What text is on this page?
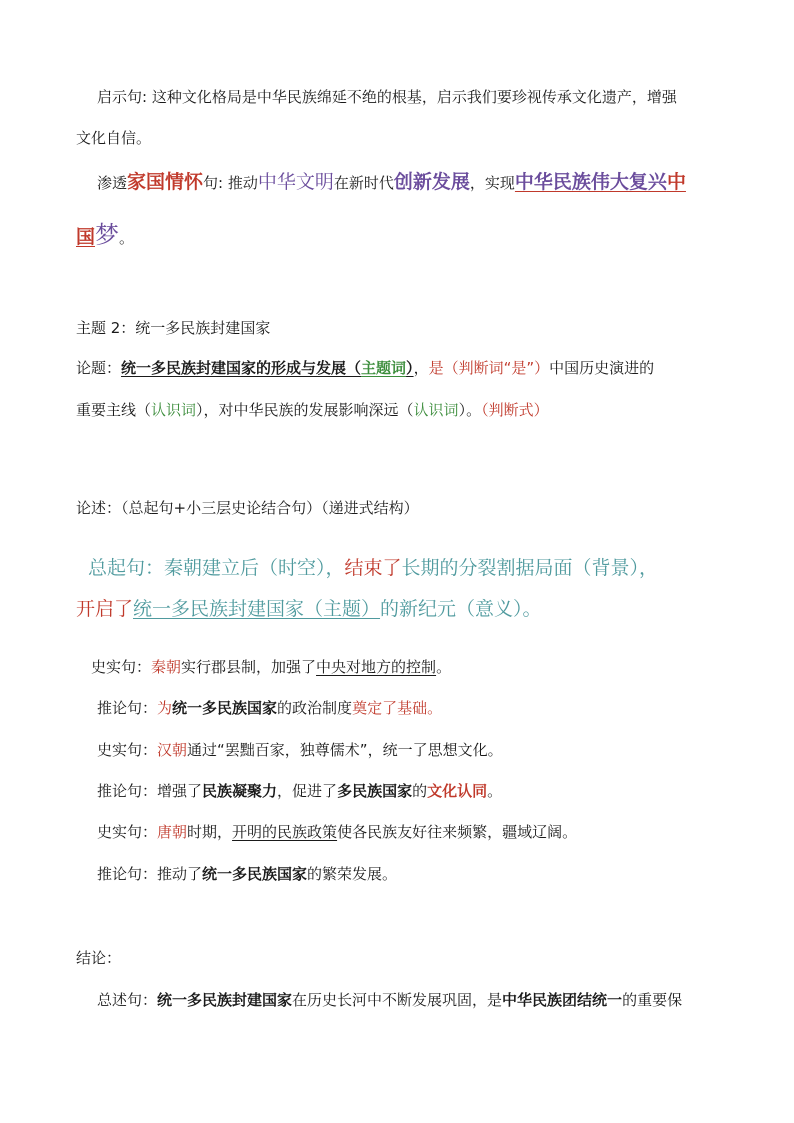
启示句: 这种文化格局是中华民族绵延不绝的根基，启示我们要珍视传承文化遗产，增强
文化自信。
渗透家国情怀句: 推动中华文明在新时代创新发展，实现中华民族伟大复兴中
国梦。
主题 2：统一多民族封建国家
论题：统一多民族封建国家的形成与发展（主题词），是（判断词“是”）中国历史演进的
重要主线（认识词），对中华民族的发展影响深远（认识词）。（判断式）
论述：（总起句+小三层史论结合句）（递进式结构）
总起句：秦朝建立后（时空），结束了长期的分裂割据局面（背景），
开启了统一多民族封建国家（主题）的新纪元（意义）。
史实句：秦朝实行郡县制，加强了中央对地方的控制。
推论句：为统一多民族国家的政治制度奠定了基础。
史实句：汉朝通过“罢黜百家，独尊儒术”，统一了思想文化。
推论句：增强了民族凝聚力，促进了多民族国家的文化认同。
史实句：唐朝时期，开明的民族政策使各民族友好往来频繁，疆域辽阔。
推论句：推动了统一多民族国家的繁荣发展。
结论：
总述句：统一多民族封建国家在历史长河中不断发展巩固，是中华民族团结统一的重要保
